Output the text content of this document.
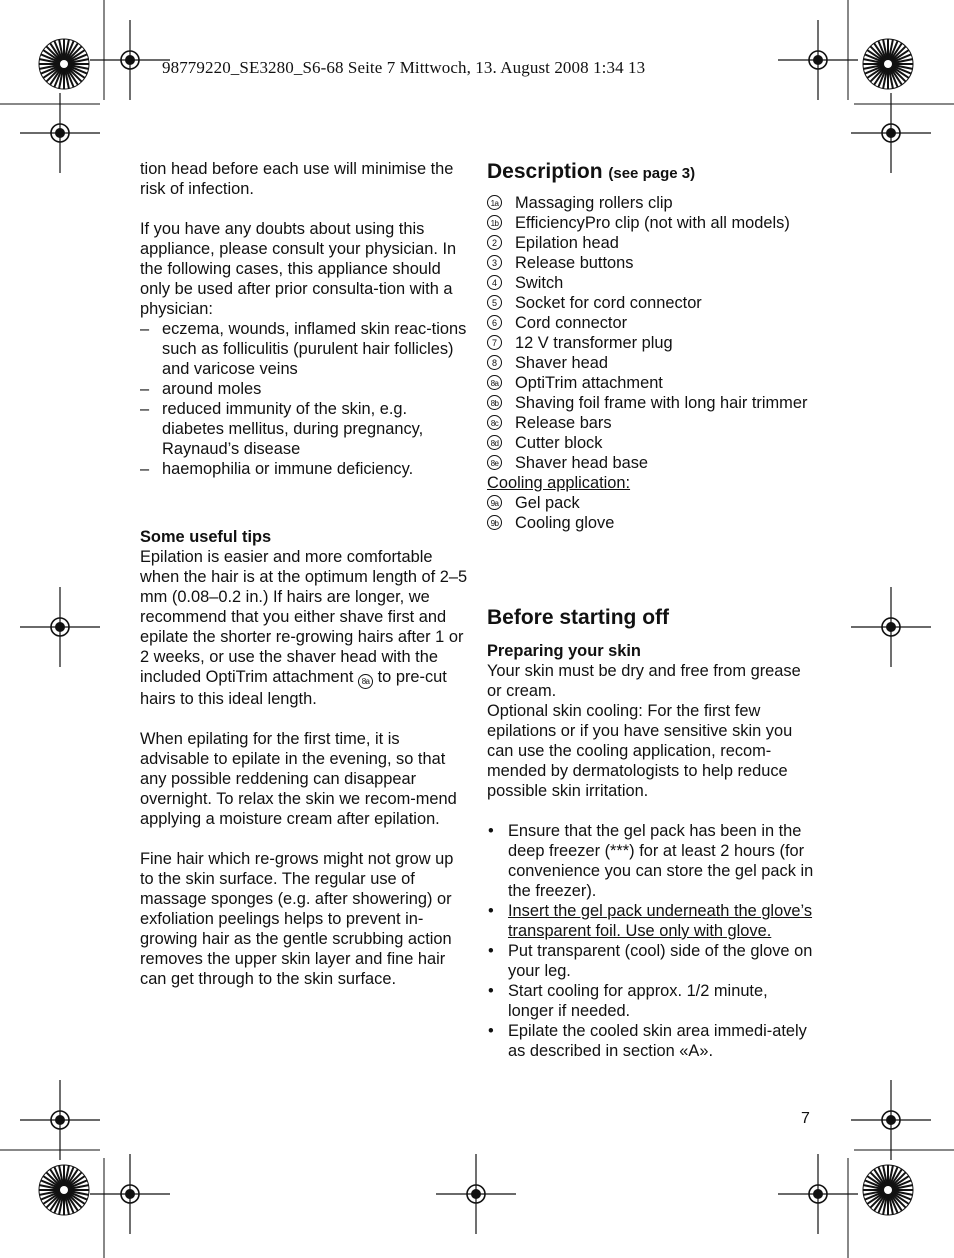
98779220_SE3280_S6-68 Seite 7 Mittwoch, 13. August 2008 1:34 13

tion head before each use will minimise the risk of infection.

If you have any doubts about using this appliance, please consult your physician. In the following cases, this appliance should only be used after prior consulta-tion with a physician:

– eczema, wounds, inflamed skin reac-tions such as folliculitis (purulent hair follicles) and varicose veins
– around moles
– reduced immunity of the skin, e.g. diabetes mellitus, during pregnancy, Raynaud’s disease
– haemophilia or immune deficiency.

Some useful tips

Epilation is easier and more comfortable when the hair is at the optimum length of 2–5 mm (0.08–0.2 in.) If hairs are longer, we recommend that you either shave first and epilate the shorter re-growing hairs after 1 or 2 weeks, or use the shaver head with the included OptiTrim attachment 8a to pre-cut hairs to this ideal length.

When epilating for the first time, it is advisable to epilate in the evening, so that any possible reddening can disappear overnight. To relax the skin we recom-mend applying a moisture cream after epilation.

Fine hair which re-grows might not grow up to the skin surface. The regular use of massage sponges (e.g. after showering) or exfoliation peelings helps to prevent in-growing hair as the gentle scrubbing action removes the upper skin layer and fine hair can get through to the skin surface.

Description (see page 3)

1a Massaging rollers clip
1b EfficiencyPro clip (not with all models)
2	Epilation head
3	Release buttons
4	Switch
5	Socket for cord connector
6	Cord connector
7	12 V transformer plug
8	Shaver head
8a OptiTrim attachment
8b Shaving foil frame with long hair trimmer
8c Release bars
8d Cutter block
8e Shaver head base

Cooling application:

9a Gel pack
9b Cooling glove

Before starting off

Preparing your skin

Your skin must be dry and free from grease or cream.

Optional skin cooling: For the first few epilations or if you have sensitive skin you can use the cooling application, recom-mended by dermatologists to help reduce possible skin irritation.

• Ensure that the gel pack has been in the deep freezer (***) for at least 2 hours (for convenience you can store the gel pack in the freezer).
• Insert the gel pack underneath the glove’s transparent foil. Use only with glove.
• Put transparent (cool) side of the glove on your leg.
• Start cooling for approx. 1/2 minute, longer if needed.
• Epilate the cooled skin area immedi-ately as described in section «A».
7
